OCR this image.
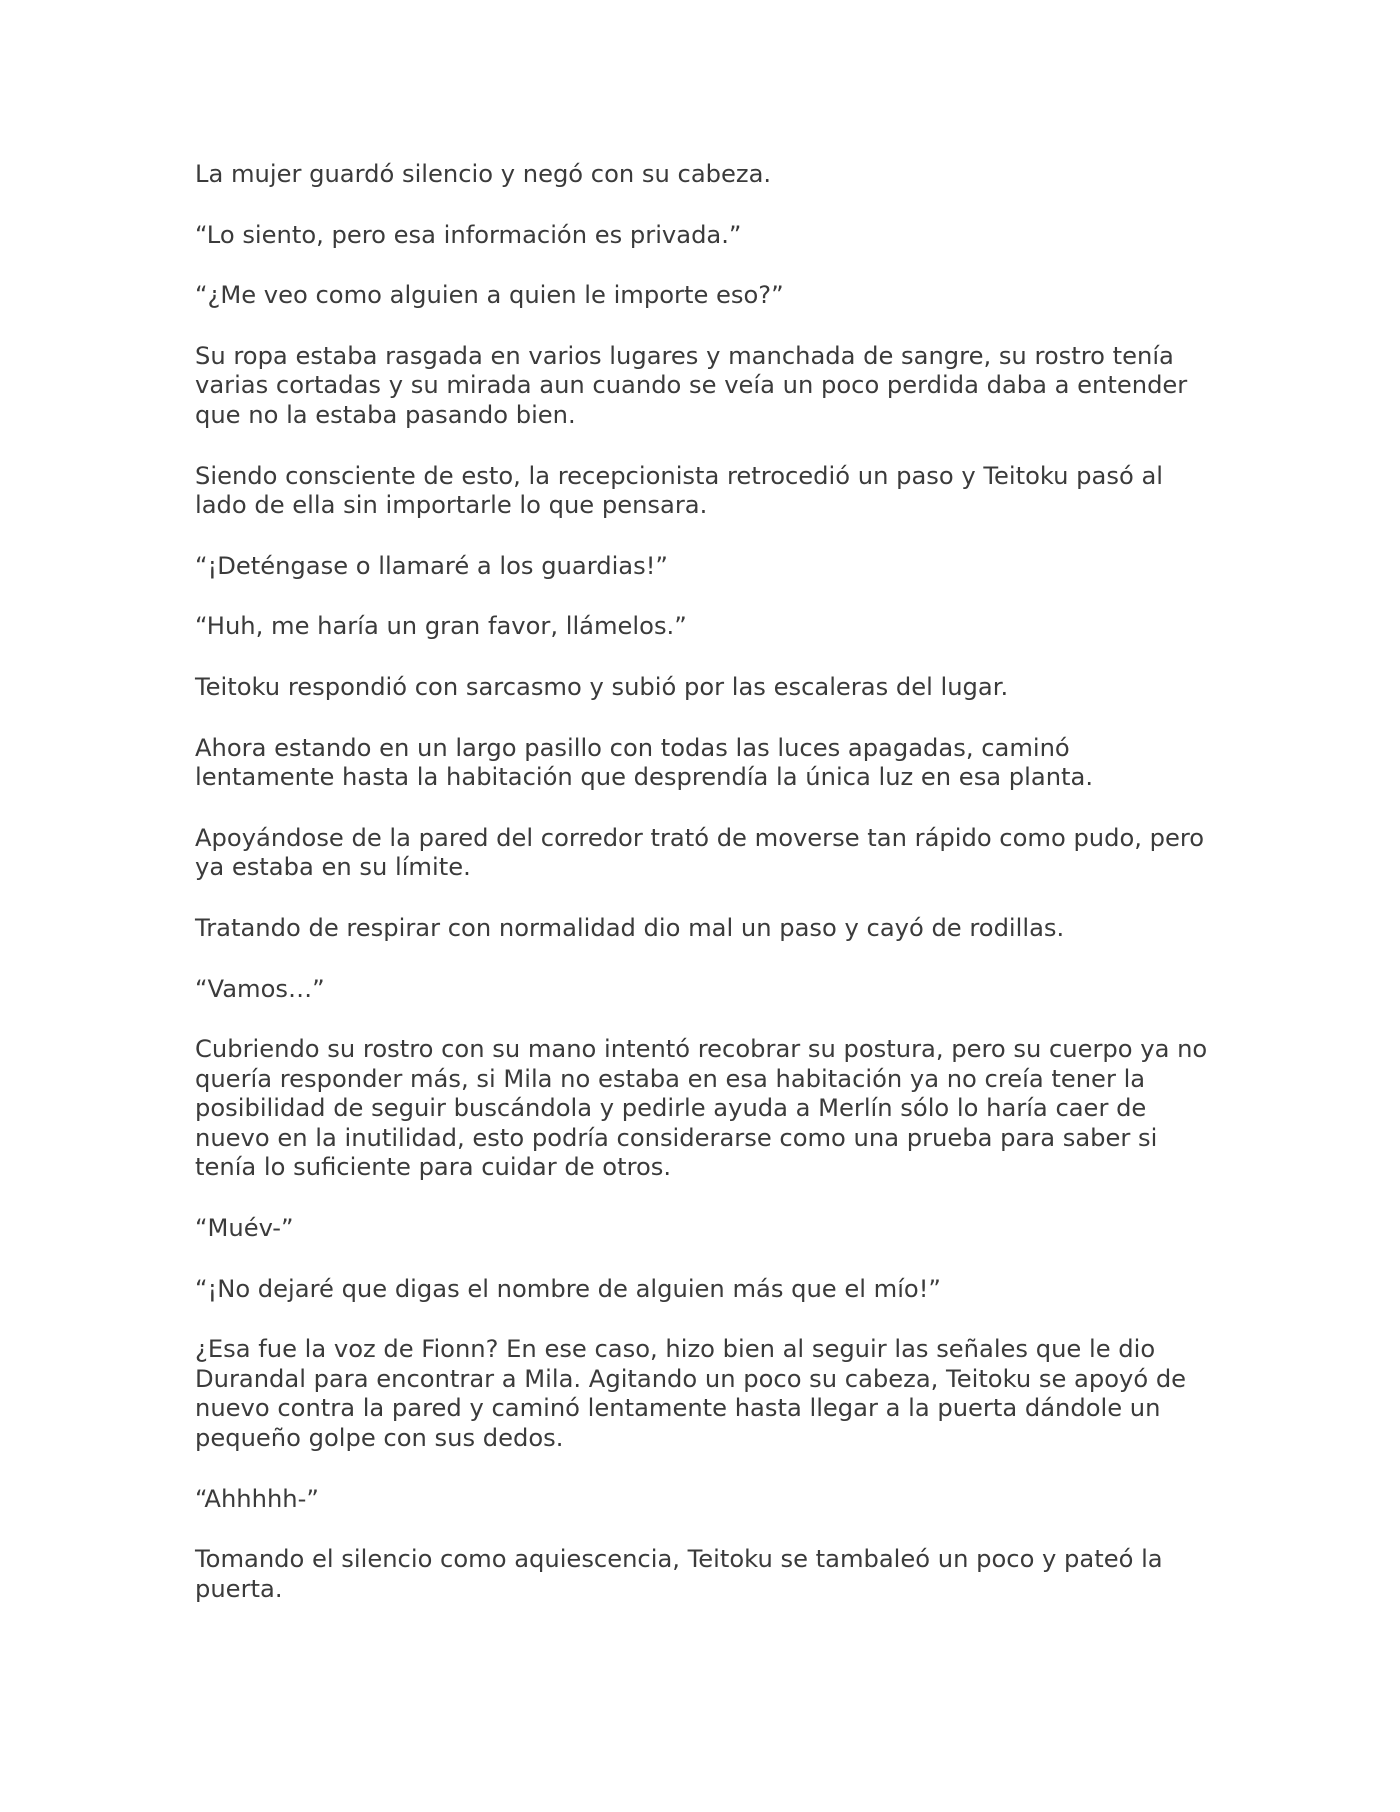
La mujer guardó silencio y negó con su cabeza.

“Lo siento, pero esa información es privada.”

“¿Me veo como alguien a quien le importe eso?”

Su ropa estaba rasgada en varios lugares y manchada de sangre, su rostro tenía varias cortadas y su mirada aun cuando se veía un poco perdida daba a entender que no la estaba pasando bien.

Siendo consciente de esto, la recepcionista retrocedió un paso y Teitoku pasó al lado de ella sin importarle lo que pensara.

“¡Deténgase o llamaré a los guardias!”

“Huh, me haría un gran favor, llámelos.”

Teitoku respondió con sarcasmo y subió por las escaleras del lugar.

Ahora estando en un largo pasillo con todas las luces apagadas, caminó lentamente hasta la habitación que desprendía la única luz en esa planta.

Apoyándose de la pared del corredor trató de moverse tan rápido como pudo, pero ya estaba en su límite.

Tratando de respirar con normalidad dio mal un paso y cayó de rodillas.

“Vamos…”

Cubriendo su rostro con su mano intentó recobrar su postura, pero su cuerpo ya no quería responder más, si Mila no estaba en esa habitación ya no creía tener la posibilidad de seguir buscándola y pedirle ayuda a Merlín sólo lo haría caer de nuevo en la inutilidad, esto podría considerarse como una prueba para saber si tenía lo suficiente para cuidar de otros.

“Muév-”

“¡No dejaré que digas el nombre de alguien más que el mío!”

¿Esa fue la voz de Fionn? En ese caso, hizo bien al seguir las señales que le dio Durandal para encontrar a Mila. Agitando un poco su cabeza, Teitoku se apoyó de nuevo contra la pared y caminó lentamente hasta llegar a la puerta dándole un pequeño golpe con sus dedos.

“Ahhhhh-”

Tomando el silencio como aquiescencia, Teitoku se tambaleó un poco y pateó la puerta.
